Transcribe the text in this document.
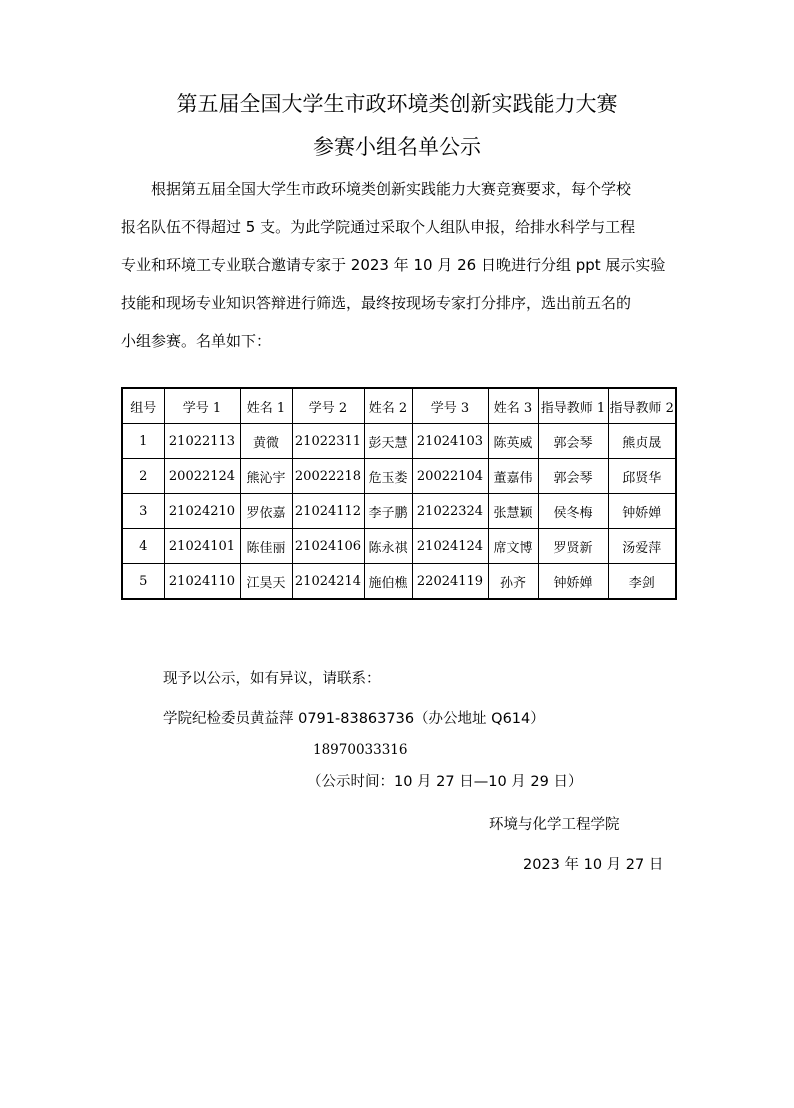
第五届全国大学生市政环境类创新实践能力大赛
参赛小组名单公示

根据第五届全国大学生市政环境类创新实践能力大赛竞赛要求，每个学校

报名队伍不得超过 5 支。为此学院通过采取个人组队申报，给排水科学与工程

专业和环境工专业联合邀请专家于 2023 年 10 月 26 日晚进行分组 ppt 展示实验

技能和现场专业知识答辩进行筛选，最终按现场专家打分排序，选出前五名的

小组参赛。名单如下：

组号	学号 1	姓名 1	学号 2	姓名 2	学号 3	姓名 3	指导教师 1	指导教师 2
1	21022113	黄微	21022311	彭天慧	21024103	陈英威	郭会琴	熊贞晟
2	20022124	熊沁宇	20022218	危玉娄	20022104	董嘉伟	郭会琴	邱贤华
3	21024210	罗依嘉	21024112	李子鹏	21022324	张慧颖	侯冬梅	钟娇婵
4	21024101	陈佳丽	21024106	陈永祺	21024124	席文博	罗贤新	汤爱萍
5	21024110	江昊天	21024214	施伯樵	22024119	孙齐	钟娇婵	李剑
现予以公示，如有异议，请联系：
学院纪检委员黄益萍 0791-83863736（办公地址 Q614）
18970033316
（公示时间：10 月 27 日—10 月 29 日）
环境与化学工程学院
2023 年 10 月 27 日
